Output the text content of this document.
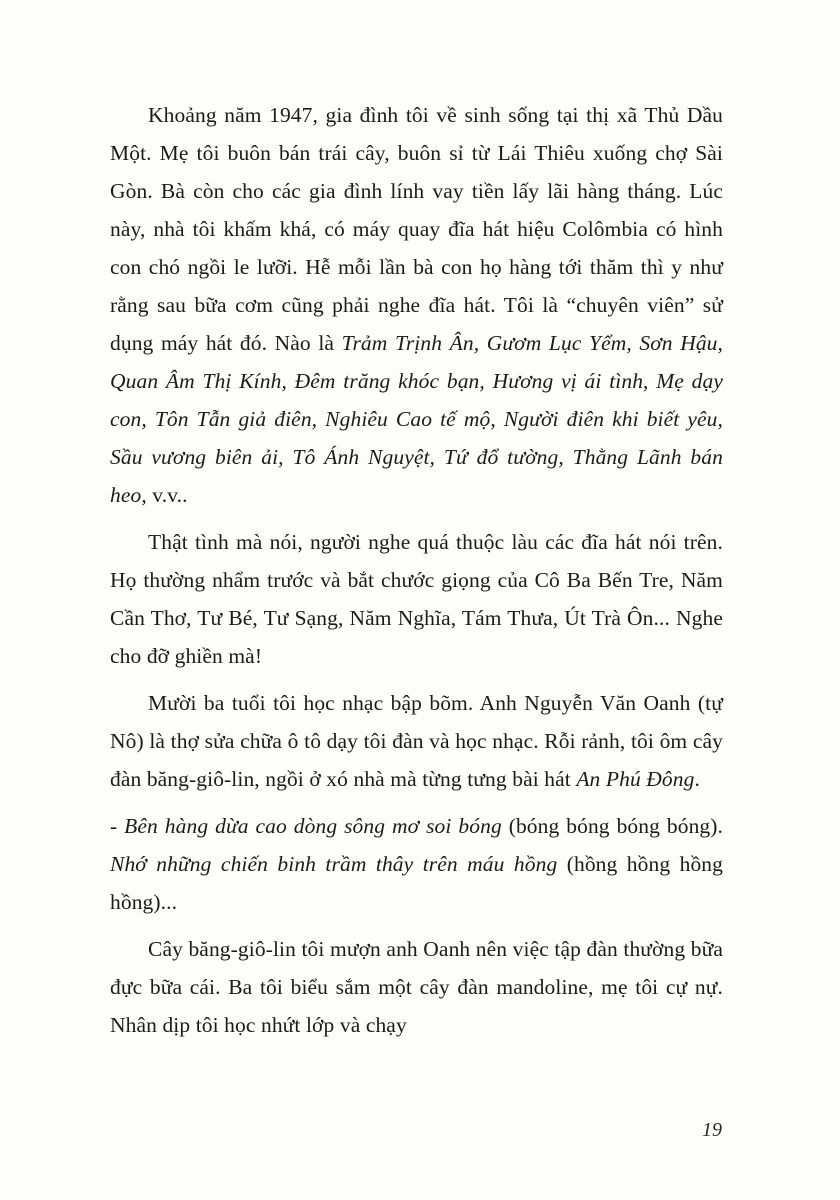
Khoảng năm 1947, gia đình tôi về sinh sống tại thị xã Thủ Dầu Một. Mẹ tôi buôn bán trái cây, buôn sỉ từ Lái Thiêu xuống chợ Sài Gòn. Bà còn cho các gia đình lính vay tiền lấy lãi hàng tháng. Lúc này, nhà tôi khấm khá, có máy quay đĩa hát hiệu Colômbia có hình con chó ngồi le lưỡi. Hễ mỗi lần bà con họ hàng tới thăm thì y như rằng sau bữa cơm cũng phải nghe đĩa hát. Tôi là “chuyên viên” sử dụng máy hát đó. Nào là Trảm Trịnh Ân, Gươm Lục Yểm, Sơn Hậu, Quan Âm Thị Kính, Đêm trăng khóc bạn, Hương vị ái tình, Mẹ dạy con, Tôn Tẫn giả điên, Nghiêu Cao tế mộ, Người điên khi biết yêu, Sầu vương biên ải, Tô Ánh Nguyệt, Tứ đổ tường, Thằng Lãnh bán heo, v.v..

Thật tình mà nói, người nghe quá thuộc làu các đĩa hát nói trên. Họ thường nhẩm trước và bắt chước giọng của Cô Ba Bến Tre, Năm Cần Thơ, Tư Bé, Tư Sạng, Năm Nghĩa, Tám Thưa, Út Trà Ôn... Nghe cho đỡ ghiền mà!

Mười ba tuổi tôi học nhạc bập bõm. Anh Nguyễn Văn Oanh (tự Nô) là thợ sửa chữa ô tô dạy tôi đàn và học nhạc. Rỗi rảnh, tôi ôm cây đàn băng-giô-lin, ngồi ở xó nhà mà từng tưng bài hát An Phú Đông.

- Bên hàng dừa cao dòng sông mơ soi bóng (bóng bóng bóng bóng). Nhớ những chiến binh trầm thây trên máu hồng (hồng hồng hồng hồng)...

Cây băng-giô-lin tôi mượn anh Oanh nên việc tập đàn thường bữa đực bữa cái. Ba tôi biểu sắm một cây đàn mandoline, mẹ tôi cự nự. Nhân dịp tôi học nhứt lớp và chạy

19
